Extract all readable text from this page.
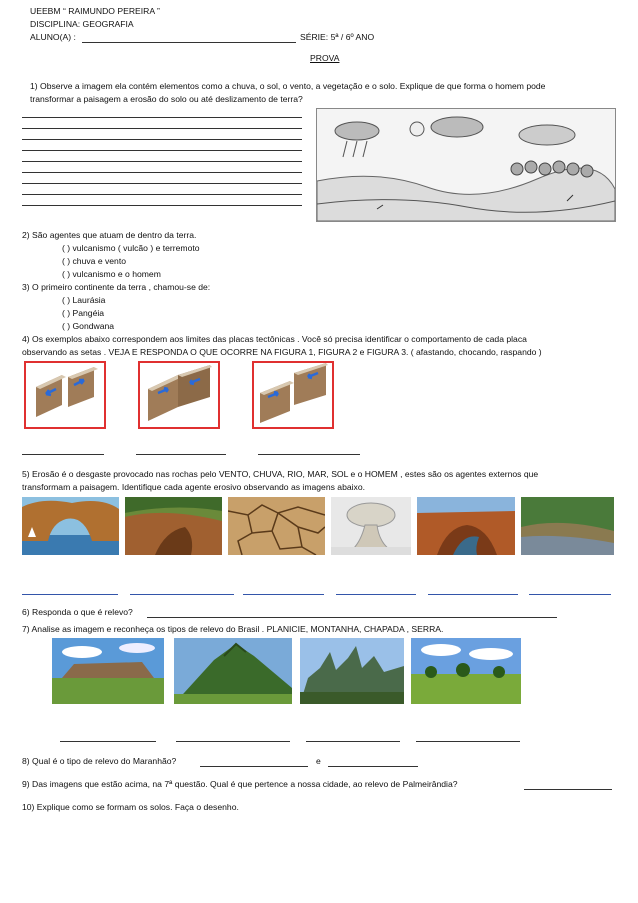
UEEBM “ RAIMUNDO PEREIRA ”
DISCIPLINA: GEOGRAFIA
ALUNO(A) :	SÉRIE: 5ª / 6º ANO
PROVA
1) Observe a imagem ela contém elementos como a chuva, o sol, o vento, a vegetação e o solo. Explique de que forma o homem pode
transformar a paisagem a erosão do solo ou até deslizamento de terra?
2) São agentes que atuam de dentro da terra.
( ) vulcanismo ( vulcão ) e terremoto
( ) chuva e vento
( ) vulcanismo e o homem
3) O primeiro continente da terra , chamou-se de:
( ) Laurásia
( ) Pangéia
( ) Gondwana
4) Os exemplos abaixo correspondem aos limites das placas tectônicas . Você só precisa identificar o comportamento de cada placa
observando as setas . VEJA E RESPONDA O QUE OCORRE NA FIGURA 1, FIGURA 2 e FIGURA 3. ( afastando, chocando, raspando )
5) Erosão é o desgaste provocado nas rochas pelo VENTO, CHUVA, RIO, MAR, SOL e o HOMEM , estes são os agentes externos que
transformam a paisagem. Identifique cada agente erosivo observando as imagens abaixo.
6) Responda o que é relevo?
7) Analise as imagem e reconheça os tipos de relevo do Brasil . PLANICIE, MONTANHA, CHAPADA , SERRA.
8) Qual é o tipo de relevo do Maranhão?	e
9) Das imagens que estão acima, na 7ª questão. Qual é que pertence a nossa cidade, ao relevo de Palmeirândia?
10) Explique como se formam os solos. Faça o desenho.
